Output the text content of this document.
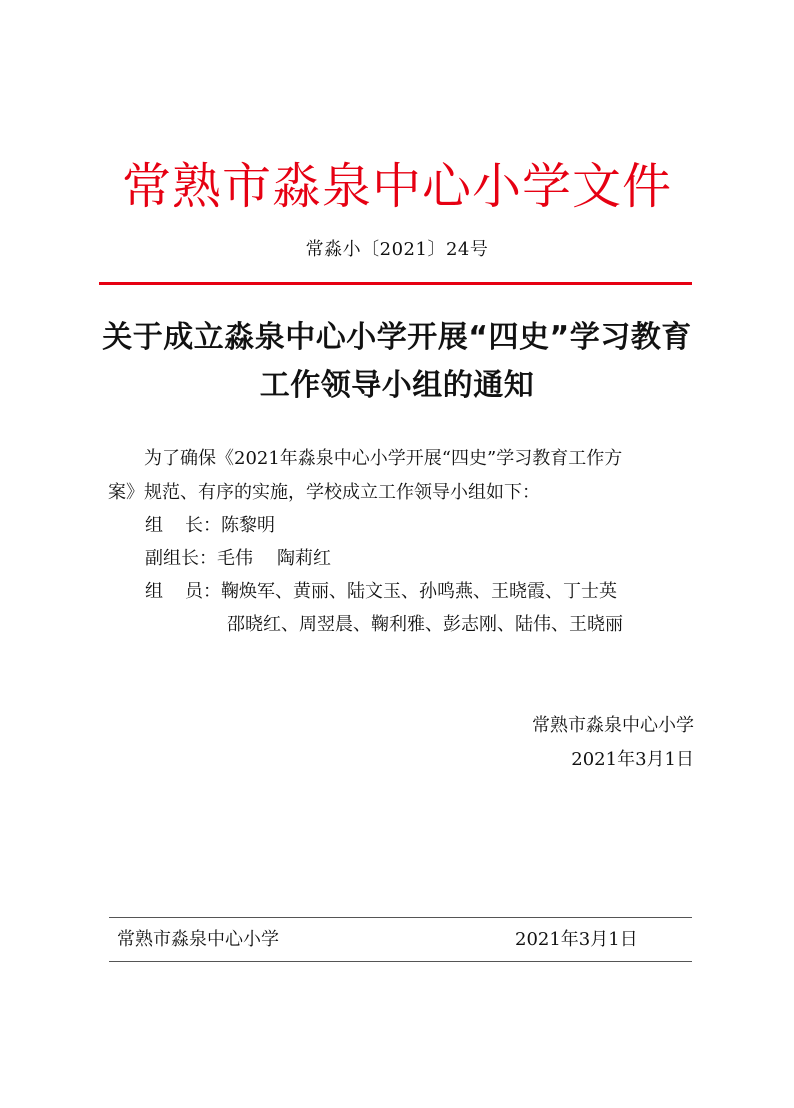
常熟市淼泉中心小学文件
常淼小〔2021〕24号
关于成立淼泉中心小学开展“四史”学习教育
工作领导小组的通知
为了确保《2021年淼泉中心小学开展“四史”学习教育工作方
案》规范、有序的实施，学校成立工作领导小组如下：
组 长：陈黎明
副组长：毛伟 陶莉红
组 员：鞠焕军、黄丽、陆文玉、孙鸣燕、王晓霞、丁士英
邵晓红、周翌晨、鞠利雅、彭志刚、陆伟、王晓丽
常熟市淼泉中心小学
2021年3月1日
常熟市淼泉中心小学	2021年3月1日
